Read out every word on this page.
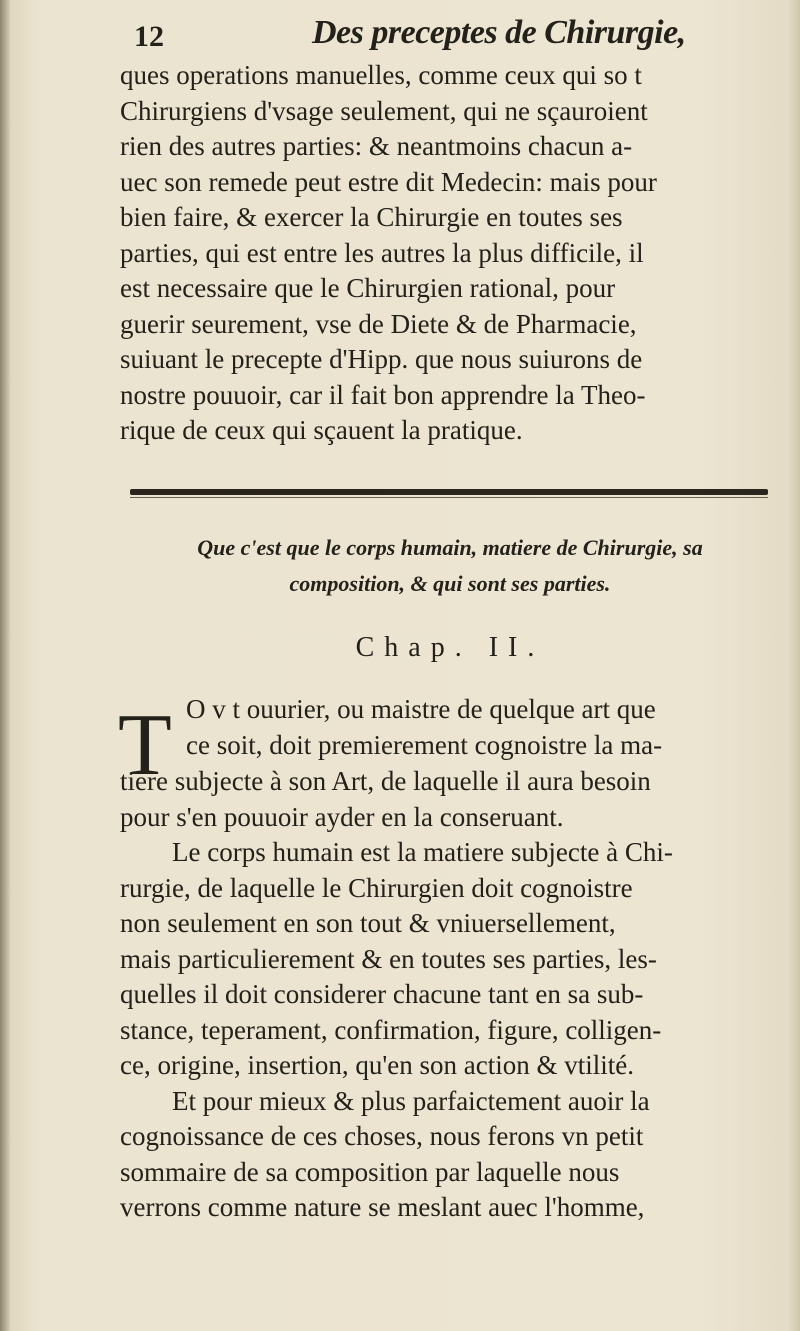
12	Des preceptes de Chirurgie,
ques operations manuelles, comme ceux qui so t
Chirurgiens d'vsage seulement, qui ne sçauroient
rien des autres parties: & neantmoins chacun a-
uec son remede peut estre dit Medecin: mais pour
bien faire, & exercer la Chirurgie en toutes ses
parties, qui est entre les autres la plus difficile, il
est necessaire que le Chirurgien rational, pour
guerir seurement, vse de Diete & de Pharmacie,
suiuant le precepte d'Hipp. que nous suiurons de
nostre pouuoir, car il fait bon apprendre la Theo-
rique de ceux qui sçauent la pratique.
Que c'est que le corps humain, matiere de Chirurgie, sa
composition, & qui sont ses parties.
Chap. II.
T O v t ouurier, ou maistre de quelque art que
ce soit, doit premierement cognoistre la ma-
tiere subjecte à son Art, de laquelle il aura besoin
pour s'en pouuoir ayder en la conseruant.
Le corps humain est la matiere subjecte à Chi-
rurgie, de laquelle le Chirurgien doit cognoistre
non seulement en son tout & vniuersellement,
mais particulierement & en toutes ses parties, les-
quelles il doit considerer chacune tant en sa sub-
stance, teperament, confirmation, figure, colligen-
ce, origine, insertion, qu'en son action & vtilité.
Et pour mieux & plus parfaictement auoir la
cognoissance de ces choses, nous ferons vn petit
sommaire de sa composition par laquelle nous
verrons comme nature se meslant auec l'homme,
